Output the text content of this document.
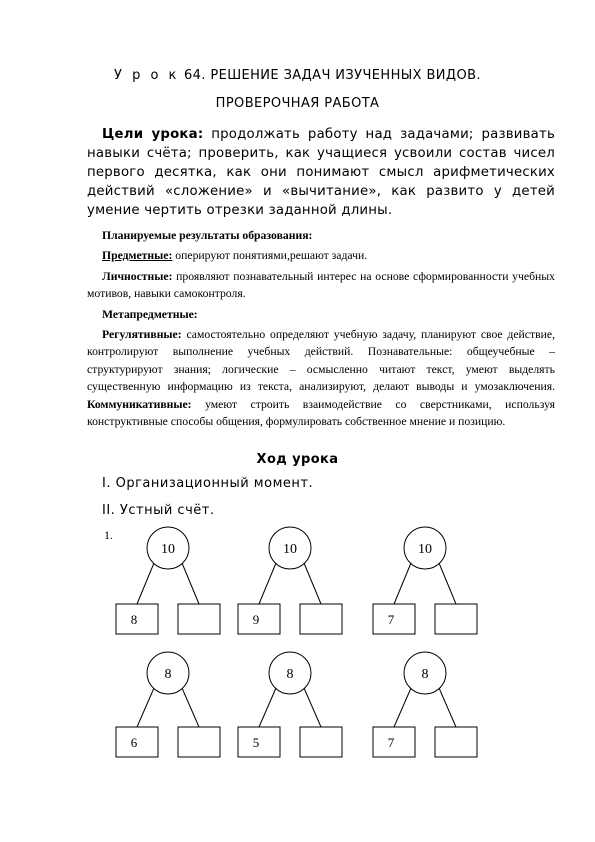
У р о к 64. РЕШЕНИЕ ЗАДАЧ ИЗУЧЕННЫХ ВИДОВ.
ПРОВЕРОЧНАЯ РАБОТА
Цели урока: продолжать работу над задачами; развивать навыки счёта; проверить, как учащиеся усвоили состав чисел первого десятка, как они понимают смысл арифметических действий «сложение» и «вычитание», как развито у детей умение чертить отрезки заданной длины.

Планируемые результаты образования:

Предметные: оперируют понятиями,решают задачи.

Личностные: проявляют познавательный интерес на основе сформированности учебных мотивов, навыки самоконтроля.

Метапредметные:

Регулятивные: самостоятельно определяют учебную задачу, планируют свое действие, контролируют выполнение учебных действий. Познавательные: общеучебные – структурируют знания; логические – осмысленно читают текст, умеют выделять существенную информацию из текста, анализируют, делают выводы и умозаключения. Коммуникативные: умеют строить взаимодействие со сверстниками, используя конструктивные способы общения, формулировать собственное мнение и позицию.

Ход урока
I. Организационный момент.
II. Устный счёт.
1.
10
8
10
9
10
7
8
6
8
5
8
7
